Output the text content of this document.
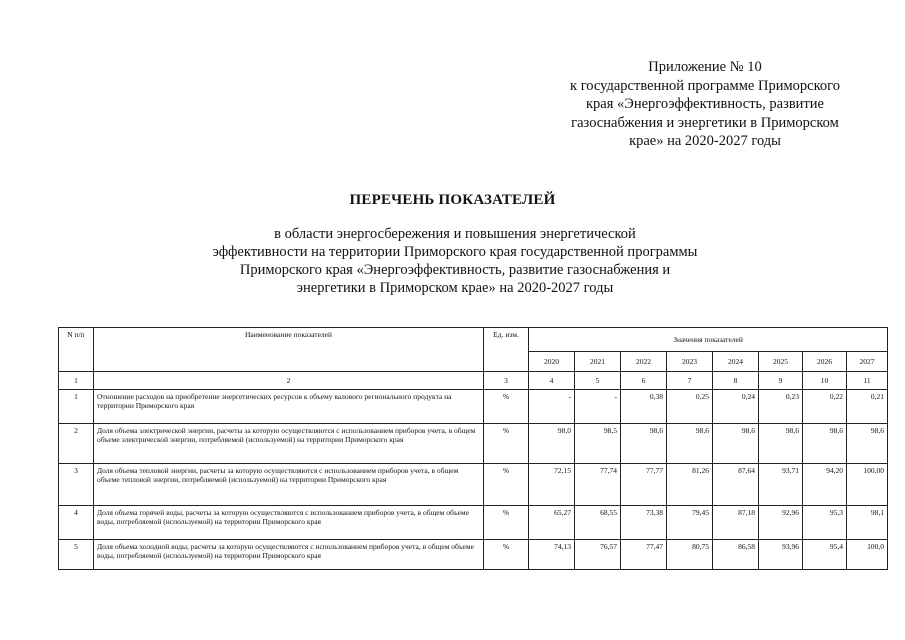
Приложение № 10
к государственной программе Приморского
края «Энергоэффективность, развитие
газоснабжения и энергетики в Приморском
крае» на 2020-2027 годы
ПЕРЕЧЕНЬ ПОКАЗАТЕЛЕЙ
в области энергосбережения и повышения энергетической
эффективности на территории Приморского края государственной программы
Приморского края «Энергоэффективность, развитие газоснабжения и
энергетики в Приморском крае» на 2020-2027 годы
N п/п	Наименование показателей	Ед. изм.	Значения показателей							
			2020	2021	2022	2023	2024	2025	2026	2027
1	2	3	4	5	6	7	8	9	10	11
1	Отношение расходов на приобретение энергетических ресурсов к объему валового регионального продукта на территории Приморского края	%	-	-	0,38	0,25	0,24	0,23	0,22	0,21
2	Доля объема электрической энергии, расчеты за которую осуществляются с использованием приборов учета, в общем объеме электрической энергии, потребляемой (используемой) на территории Приморского края	%	98,0	98,5	98,6	98,6	98,6	98,6	98,6	98,6
3	Доля объема тепловой энергии, расчеты за которую осуществляются с использованием приборов учета, в общем объеме тепловой энергии, потребляемой (используемой) на территории Приморского края	%	72,15	77,74	77,77	81,26	87,64	93,71	94,20	100,00
4	Доля объема горячей воды, расчеты за которую осуществляются с использованием приборов учета, в общем объеме воды, потребляемой (используемой) на территории Приморского края	%	65,27	68,55	73,38	79,45	87,18	92,96	95,3	98,1
5	Доля объема холодной воды, расчеты за которую осуществляются с использованием приборов учета, в общем объеме воды, потребляемой (используемой) на территории Приморского края	%	74,13	76,57	77,47	80,75	86,58	93,96	95,4	100,0
